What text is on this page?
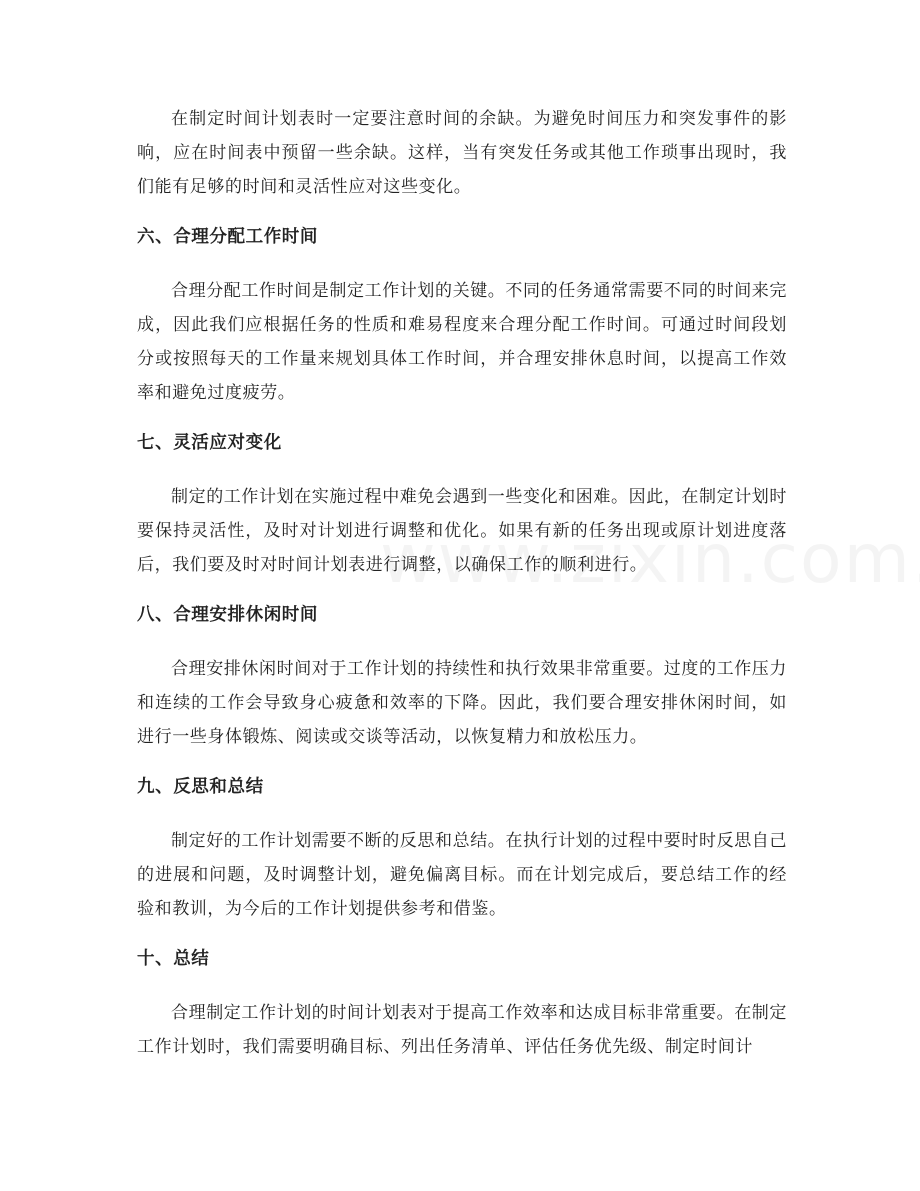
在制定时间计划表时一定要注意时间的余缺。为避免时间压力和突发事件的影响，应在时间表中预留一些余缺。这样，当有突发任务或其他工作琐事出现时，我们能有足够的时间和灵活性应对这些变化。

六、合理分配工作时间

合理分配工作时间是制定工作计划的关键。不同的任务通常需要不同的时间来完成，因此我们应根据任务的性质和难易程度来合理分配工作时间。可通过时间段划分或按照每天的工作量来规划具体工作时间，并合理安排休息时间，以提高工作效率和避免过度疲劳。

七、灵活应对变化

制定的工作计划在实施过程中难免会遇到一些变化和困难。因此，在制定计划时要保持灵活性，及时对计划进行调整和优化。如果有新的任务出现或原计划进度落后，我们要及时对时间计划表进行调整，以确保工作的顺利进行。

八、合理安排休闲时间

合理安排休闲时间对于工作计划的持续性和执行效果非常重要。过度的工作压力和连续的工作会导致身心疲惫和效率的下降。因此，我们要合理安排休闲时间，如进行一些身体锻炼、阅读或交谈等活动，以恢复精力和放松压力。

九、反思和总结

制定好的工作计划需要不断的反思和总结。在执行计划的过程中要时时反思自己的进展和问题，及时调整计划，避免偏离目标。而在计划完成后，要总结工作的经验和教训，为今后的工作计划提供参考和借鉴。

十、总结

合理制定工作计划的时间计划表对于提高工作效率和达成目标非常重要。在制定工作计划时，我们需要明确目标、列出任务清单、评估任务优先级、制定时间计
